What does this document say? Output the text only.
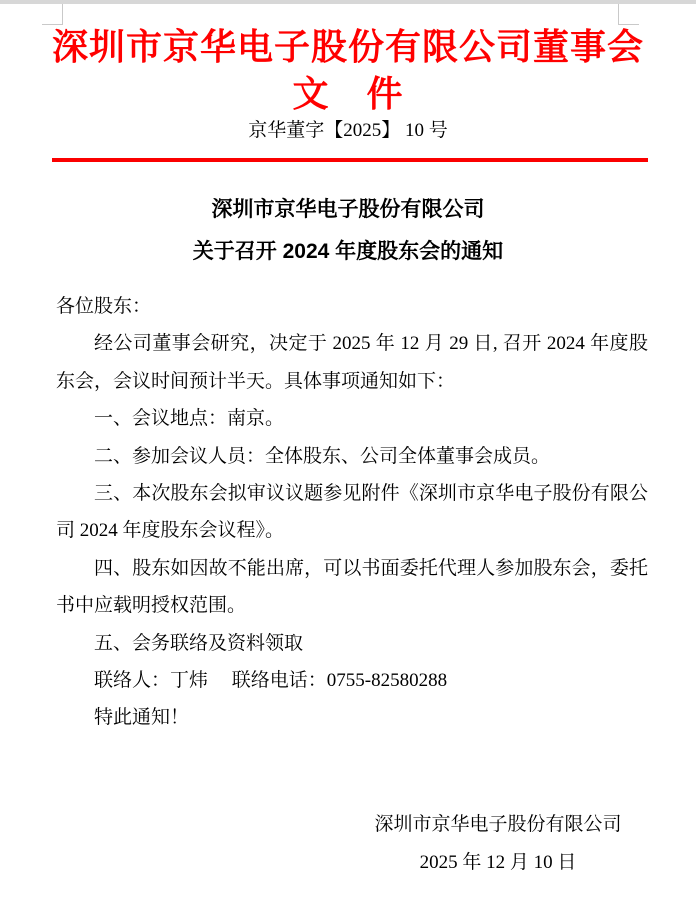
深圳市京华电子股份有限公司董事会
文　件
京华董字【2025】 10 号
深圳市京华电子股份有限公司
关于召开 2024 年度股东会的通知

各位股东：

经公司董事会研究，决定于 2025 年 12 月 29 日, 召开 2024 年度股东会，会议时间预计半天。具体事项通知如下：

一、会议地点：南京。

二、参加会议人员：全体股东、公司全体董事会成员。

三、本次股东会拟审议议题参见附件《深圳市京华电子股份有限公司 2024 年度股东会议程》。

四、股东如因故不能出席，可以书面委托代理人参加股东会，委托书中应载明授权范围。

五、会务联络及资料领取

联络人：丁炜　 联络电话：0755-82580288

特此通知！

深圳市京华电子股份有限公司
2025 年 12 月 10 日
